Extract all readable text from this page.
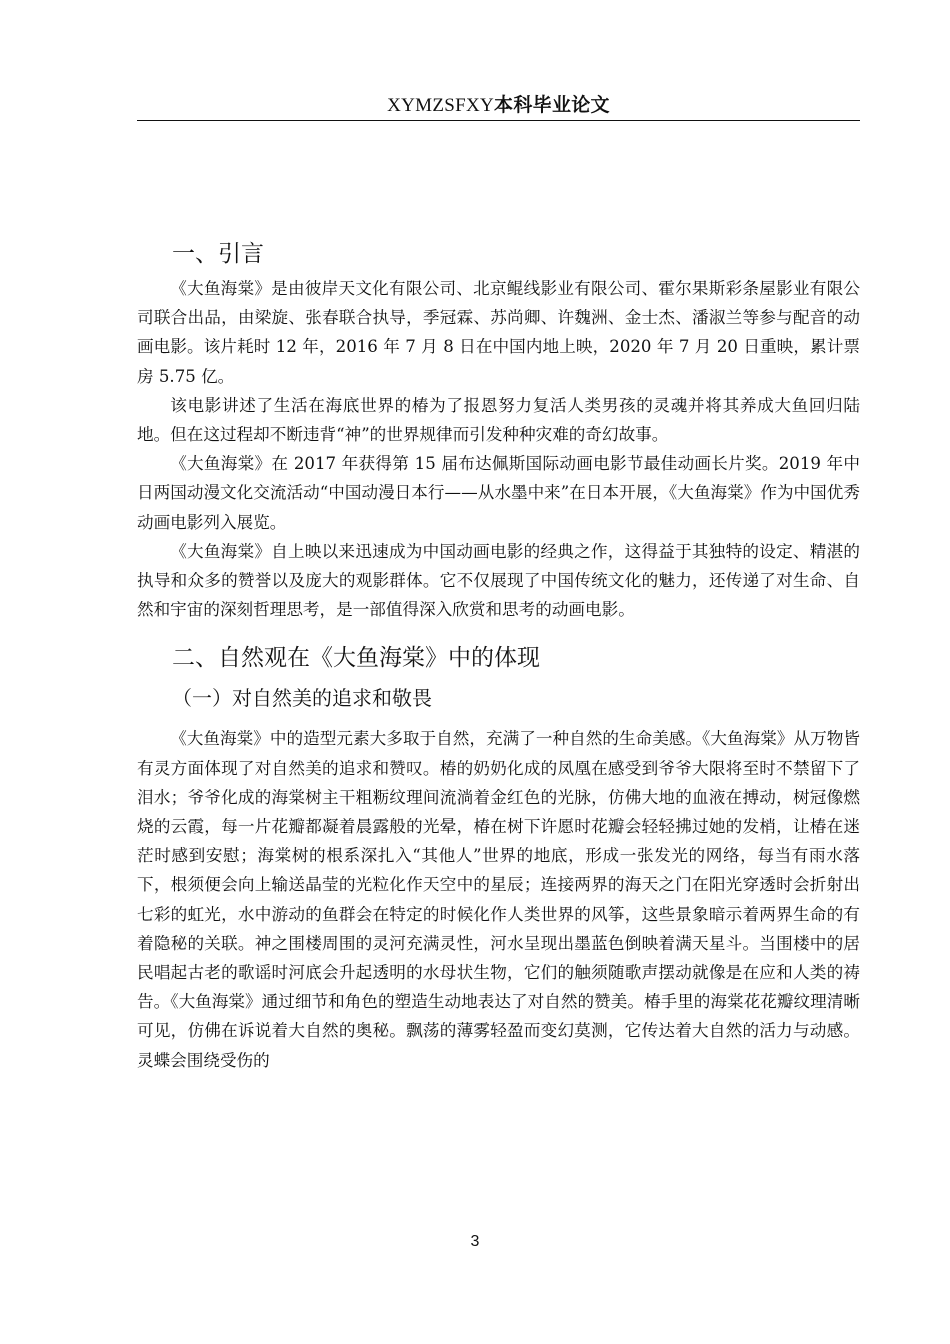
XYMZSFXY本科毕业论文
一、引言

《大鱼海棠》是由彼岸天文化有限公司、北京鲲线影业有限公司、霍尔果斯彩条屋影业有限公司联合出品，由梁旋、张春联合执导，季冠霖、苏尚卿、许魏洲、金士杰、潘淑兰等参与配音的动画电影。该片耗时 12 年，2016 年 7 月 8 日在中国内地上映，2020 年 7 月 20 日重映，累计票房 5.75 亿。

该电影讲述了生活在海底世界的椿为了报恩努力复活人类男孩的灵魂并将其养成大鱼回归陆地。但在这过程却不断违背“神”的世界规律而引发种种灾难的奇幻故事。

《大鱼海棠》在 2017 年获得第 15 届布达佩斯国际动画电影节最佳动画长片奖。2019 年中日两国动漫文化交流活动“中国动漫日本行——从水墨中来”在日本开展，《大鱼海棠》作为中国优秀动画电影列入展览。

《大鱼海棠》自上映以来迅速成为中国动画电影的经典之作，这得益于其独特的设定、精湛的执导和众多的赞誉以及庞大的观影群体。它不仅展现了中国传统文化的魅力，还传递了对生命、自然和宇宙的深刻哲理思考，是一部值得深入欣赏和思考的动画电影。

二、自然观在《大鱼海棠》中的体现
（一）对自然美的追求和敬畏

《大鱼海棠》中的造型元素大多取于自然，充满了一种自然的生命美感。《大鱼海棠》从万物皆有灵方面体现了对自然美的追求和赞叹。椿的奶奶化成的凤凰在感受到爷爷大限将至时不禁留下了泪水；爷爷化成的海棠树主干粗粝纹理间流淌着金红色的光脉，仿佛大地的血液在搏动，树冠像燃烧的云霞，每一片花瓣都凝着晨露般的光晕，椿在树下许愿时花瓣会轻轻拂过她的发梢，让椿在迷茫时感到安慰；海棠树的根系深扎入“其他人”世界的地底，形成一张发光的网络，每当有雨水落下，根须便会向上输送晶莹的光粒化作天空中的星辰；连接两界的海天之门在阳光穿透时会折射出七彩的虹光，水中游动的鱼群会在特定的时候化作人类世界的风筝，这些景象暗示着两界生命的有着隐秘的关联。神之围楼周围的灵河充满灵性，河水呈现出墨蓝色倒映着满天星斗。当围楼中的居民唱起古老的歌谣时河底会升起透明的水母状生物，它们的触须随歌声摆动就像是在应和人类的祷告。《大鱼海棠》通过细节和角色的塑造生动地表达了对自然的赞美。椿手里的海棠花花瓣纹理清晰可见，仿佛在诉说着大自然的奥秘。飘荡的薄雾轻盈而变幻莫测，它传达着大自然的活力与动感。灵蝶会围绕受伤的

3
